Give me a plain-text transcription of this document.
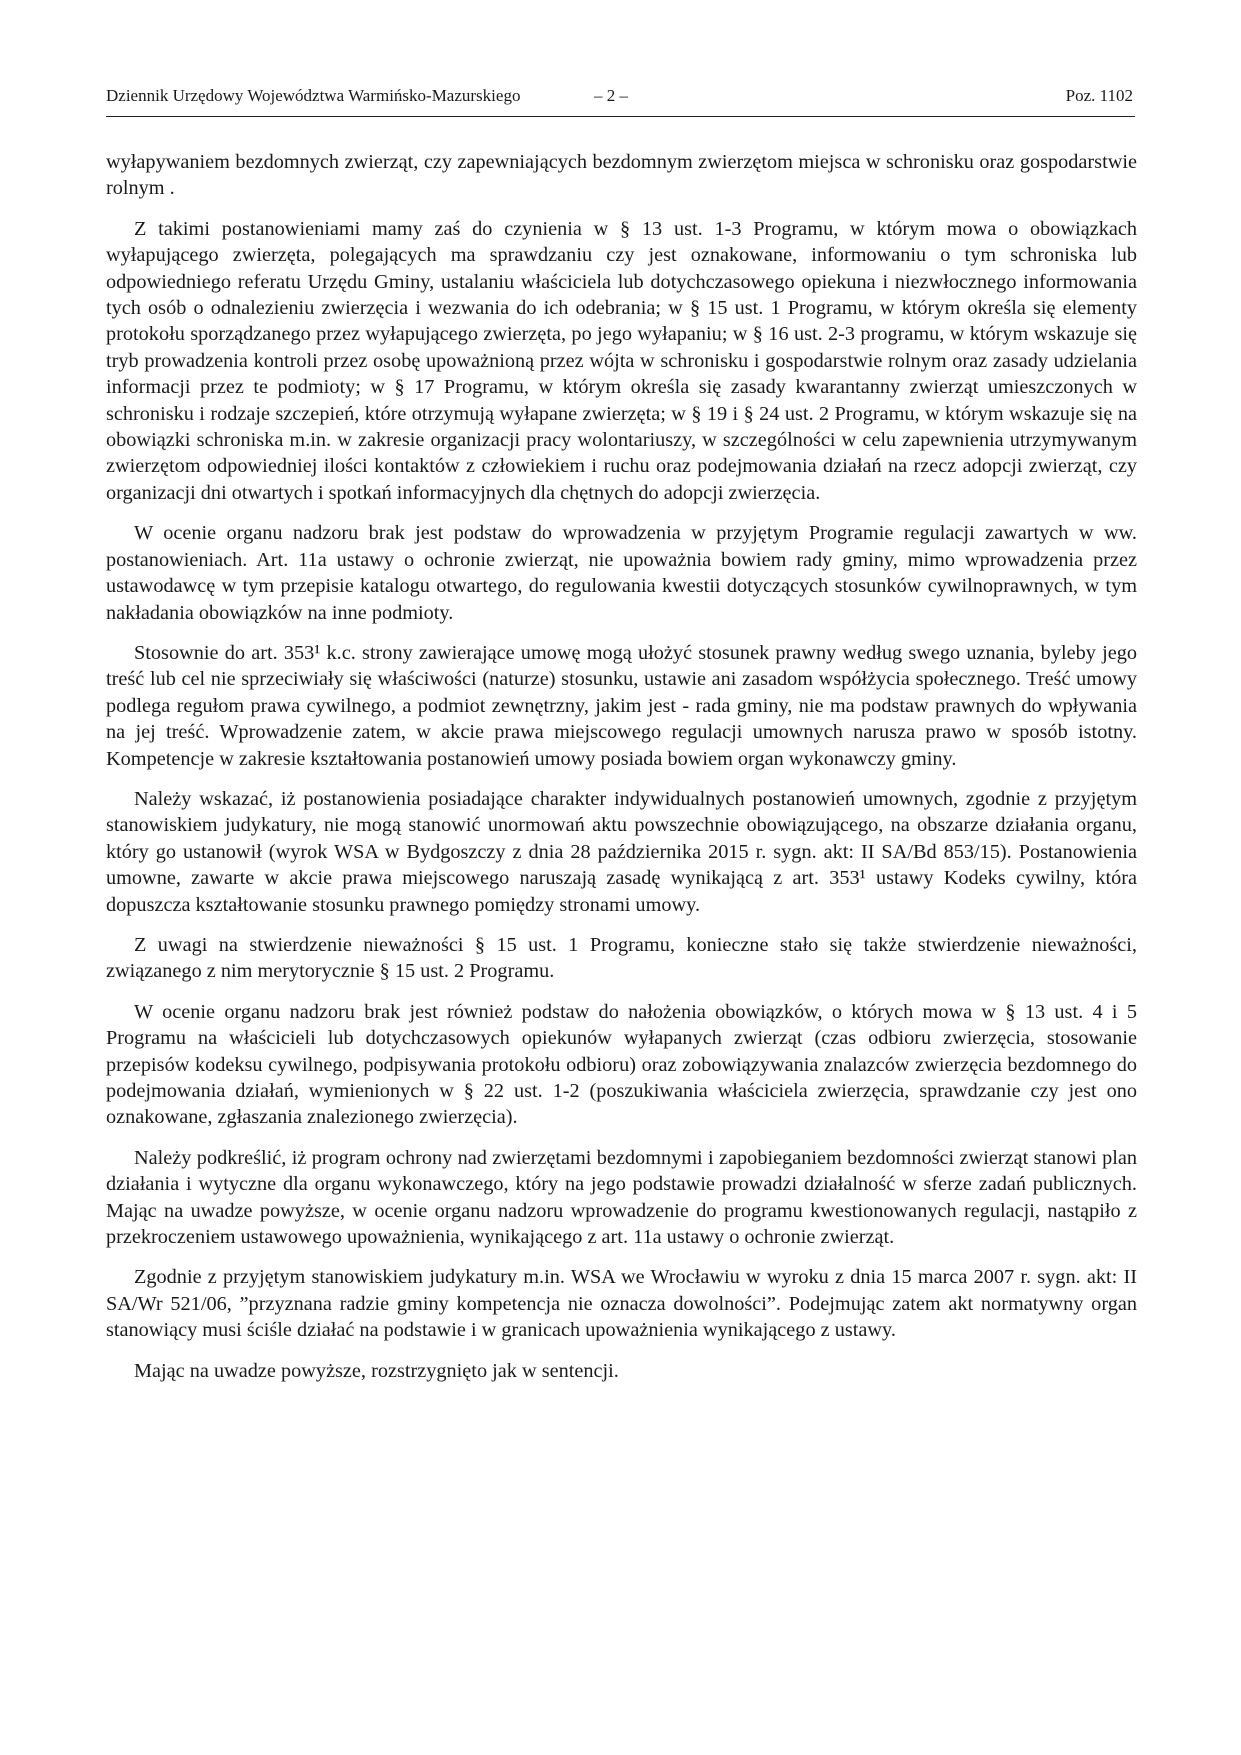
Dziennik Urzędowy Województwa Warmińsko-Mazurskiego	– 2 –	Poz. 1102

wyłapywaniem bezdomnych zwierząt, czy zapewniających bezdomnym zwierzętom miejsca w schronisku oraz gospodarstwie rolnym .

Z takimi postanowieniami mamy zaś do czynienia w § 13 ust. 1-3 Programu, w którym mowa o obowiązkach wyłapującego zwierzęta, polegających ma sprawdzaniu czy jest oznakowane, informowaniu o tym schroniska lub odpowiedniego referatu Urzędu Gminy, ustalaniu właściciela lub dotychczasowego opiekuna i niezwłocznego informowania tych osób o odnalezieniu zwierzęcia i wezwania do ich odebrania; w § 15 ust. 1 Programu, w którym określa się elementy protokołu sporządzanego przez wyłapującego zwierzęta, po jego wyłapaniu; w § 16 ust. 2-3 programu, w którym wskazuje się tryb prowadzenia kontroli przez osobę upoważnioną przez wójta w schronisku i gospodarstwie rolnym oraz zasady udzielania informacji przez te podmioty; w § 17 Programu, w którym określa się zasady kwarantanny zwierząt umieszczonych w schronisku i rodzaje szczepień, które otrzymują wyłapane zwierzęta; w § 19 i § 24 ust. 2 Programu, w którym wskazuje się na obowiązki schroniska m.in. w zakresie organizacji pracy wolontariuszy, w szczególności w celu zapewnienia utrzymywanym zwierzętom odpowiedniej ilości kontaktów z człowiekiem i ruchu oraz podejmowania działań na rzecz adopcji zwierząt, czy organizacji dni otwartych i spotkań informacyjnych dla chętnych do adopcji zwierzęcia.

W ocenie organu nadzoru brak jest podstaw do wprowadzenia w przyjętym Programie regulacji zawartych w ww. postanowieniach. Art. 11a ustawy o ochronie zwierząt, nie upoważnia bowiem rady gminy, mimo wprowadzenia przez ustawodawcę w tym przepisie katalogu otwartego, do regulowania kwestii dotyczących stosunków cywilnoprawnych, w tym nakładania obowiązków na inne podmioty.

Stosownie do art. 353¹ k.c. strony zawierające umowę mogą ułożyć stosunek prawny według swego uznania, byleby jego treść lub cel nie sprzeciwiały się właściwości (naturze) stosunku, ustawie ani zasadom współżycia społecznego. Treść umowy podlega regułom prawa cywilnego, a podmiot zewnętrzny, jakim jest - rada gminy, nie ma podstaw prawnych do wpływania na jej treść. Wprowadzenie zatem, w akcie prawa miejscowego regulacji umownych narusza prawo w sposób istotny. Kompetencje w zakresie kształtowania postanowień umowy posiada bowiem organ wykonawczy gminy.

Należy wskazać, iż postanowienia posiadające charakter indywidualnych postanowień umownych, zgodnie z przyjętym stanowiskiem judykatury, nie mogą stanowić unormowań aktu powszechnie obowiązującego, na obszarze działania organu, który go ustanowił (wyrok WSA w Bydgoszczy z dnia 28 października 2015 r. sygn. akt: II SA/Bd 853/15). Postanowienia umowne, zawarte w akcie prawa miejscowego naruszają zasadę wynikającą z art. 353¹ ustawy Kodeks cywilny, która dopuszcza kształtowanie stosunku prawnego pomiędzy stronami umowy.

Z uwagi na stwierdzenie nieważności § 15 ust. 1 Programu, konieczne stało się także stwierdzenie nieważności, związanego z nim merytorycznie § 15 ust. 2 Programu.

W ocenie organu nadzoru brak jest również podstaw do nałożenia obowiązków, o których mowa w § 13 ust. 4 i 5 Programu na właścicieli lub dotychczasowych opiekunów wyłapanych zwierząt (czas odbioru zwierzęcia, stosowanie przepisów kodeksu cywilnego, podpisywania protokołu odbioru) oraz zobowiązywania znalazców zwierzęcia bezdomnego do podejmowania działań, wymienionych w § 22 ust. 1-2 (poszukiwania właściciela zwierzęcia, sprawdzanie czy jest ono oznakowane, zgłaszania znalezionego zwierzęcia).

Należy podkreślić, iż program ochrony nad zwierzętami bezdomnymi i zapobieganiem bezdomności zwierząt stanowi plan działania i wytyczne dla organu wykonawczego, który na jego podstawie prowadzi działalność w sferze zadań publicznych. Mając na uwadze powyższe, w ocenie organu nadzoru wprowadzenie do programu kwestionowanych regulacji, nastąpiło z przekroczeniem ustawowego upoważnienia, wynikającego z art. 11a ustawy o ochronie zwierząt.

Zgodnie z przyjętym stanowiskiem judykatury m.in. WSA we Wrocławiu w wyroku z dnia 15 marca 2007 r. sygn. akt: II SA/Wr 521/06, ”przyznana radzie gminy kompetencja nie oznacza dowolności”. Podejmując zatem akt normatywny organ stanowiący musi ściśle działać na podstawie i w granicach upoważnienia wynikającego z ustawy.

Mając na uwadze powyższe, rozstrzygnięto jak w sentencji.
